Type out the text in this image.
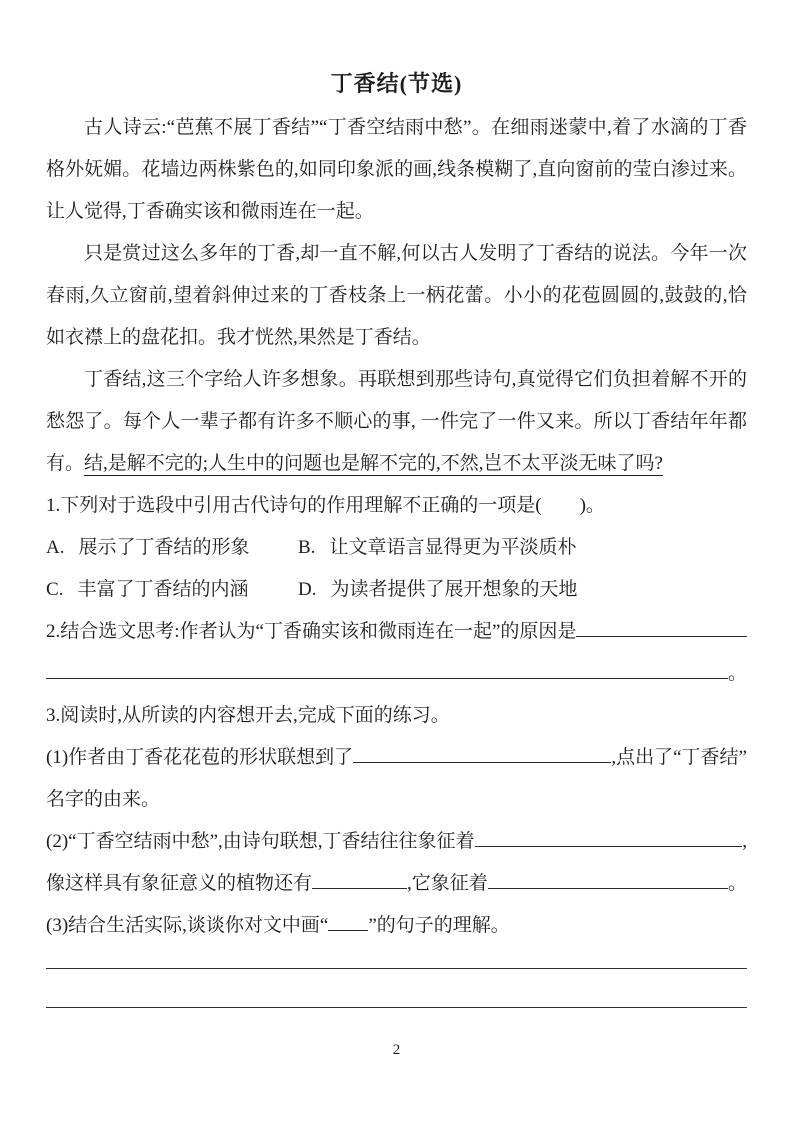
丁香结(节选)

古人诗云:“芭蕉不展丁香结”“丁香空结雨中愁”。在细雨迷蒙中,着了水滴的丁香格外妩媚。花墙边两株紫色的,如同印象派的画,线条模糊了,直向窗前的莹白渗过来。让人觉得,丁香确实该和微雨连在一起。

只是赏过这么多年的丁香,却一直不解,何以古人发明了丁香结的说法。今年一次春雨,久立窗前,望着斜伸过来的丁香枝条上一柄花蕾。小小的花苞圆圆的,鼓鼓的,恰如衣襟上的盘花扣。我才恍然,果然是丁香结。

丁香结,这三个字给人许多想象。再联想到那些诗句,真觉得它们负担着解不开的愁怨了。每个人一辈子都有许多不顺心的事, 一件完了一件又来。所以丁香结年年都有。结,是解不完的;人生中的问题也是解不完的,不然,岂不太平淡无味了吗?

1.下列对于选段中引用古代诗句的作用理解不正确的一项是(　　)。
A. 展示了丁香结的形象	B. 让文章语言显得更为平淡质朴
C. 丰富了丁香结的内涵	D. 为读者提供了展开想象的天地
2.结合选文思考:作者认为“丁香确实该和微雨连在一起”的原因是
。
3.阅读时,从所读的内容想开去,完成下面的练习。
(1)作者由丁香花花苞的形状联想到了	,点出了“丁香结”
名字的由来。
(2)“丁香空结雨中愁”,由诗句联想,丁香结往往象征着	,
像这样具有象征意义的植物还有	,它象征着	。
(3)结合生活实际,谈谈你对文中画“ ”的句子的理解。
2
